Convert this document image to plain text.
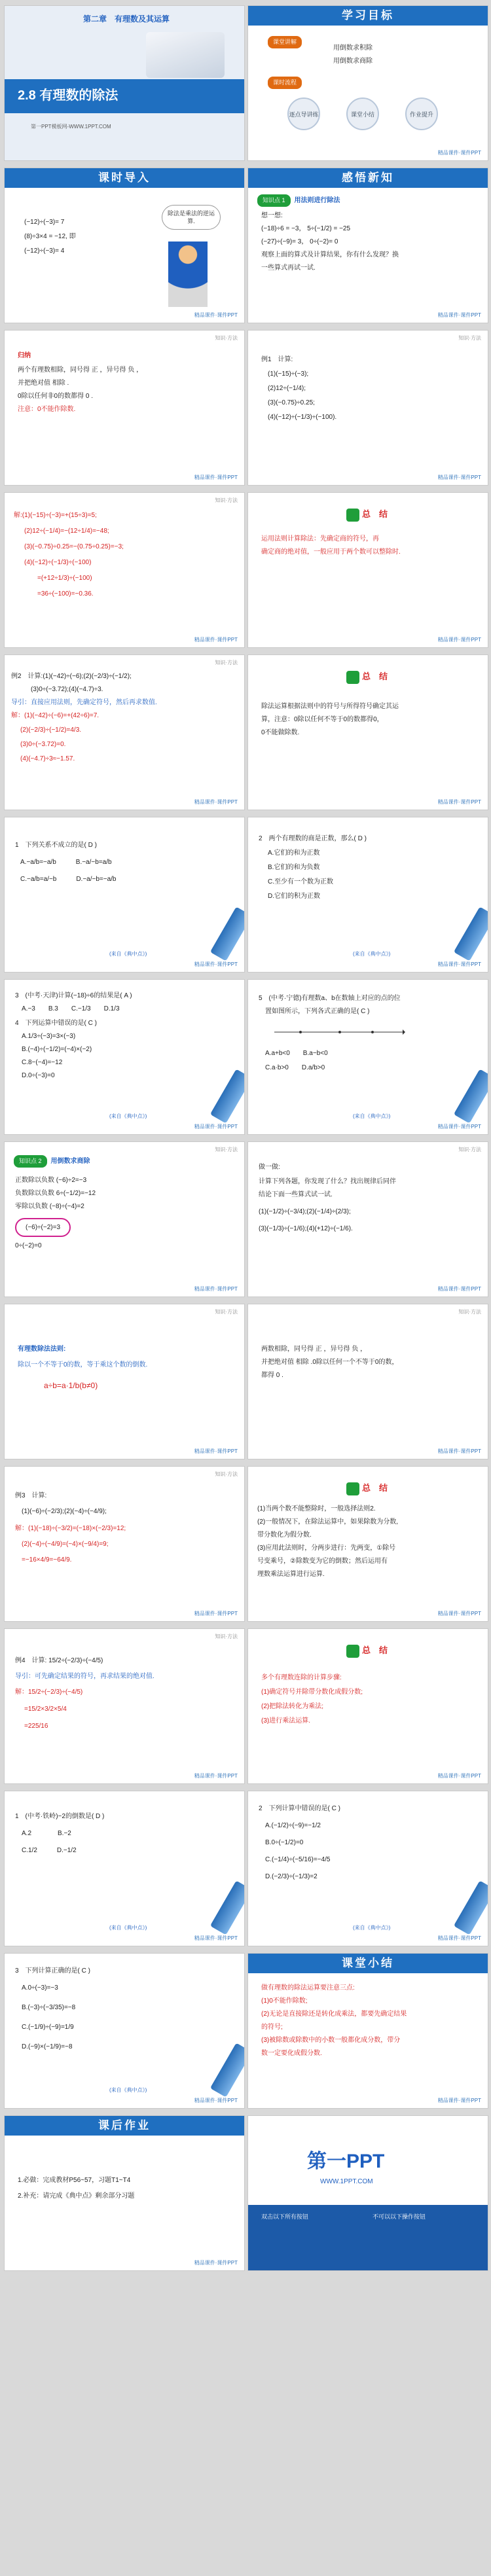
第二章　有理数及其运算
2.8 有理数的除法
第一PPT模板网-WWW.1PPT.COM
学习目标
课堂讲解
用倒数求积除
用倒数求商除
课时流程
逐点导讲练	课堂小结	作业提升
精品课件·课件PPT
课时导入
(−12)÷(−3)= 7
(8)÷3×4 = −12, 即
(−12)÷(−3)= 4
除法是乘法的逆运算.
精品课件·课件PPT
感悟新知
知识点 1 用法则进行除法
想一想:
(−18)÷6 = −3， 5÷(−1/2) = −25
(−27)÷(−9)= 3， 0÷(−2)= 0
观察上面的算式及计算结果，你有什么发现？换
一些算式再试一试.
精品课件·课件PPT
知识·方法
归纳
两个有理数相除，同号得 正 ，异号得 负 ，
并把绝对值 相除 .
0除以任何非0的数都得 0 .
注意：0不能作除数.
精品课件·课件PPT
知识·方法
例1　计算:
(1)(−15)÷(−3);
(2)12÷(−1/4);
(3)(−0.75)÷0.25;
(4)(−12)÷(−1/3)÷(−100).
精品课件·课件PPT
知识·方法
解:(1)(−15)÷(−3)=+(15÷3)=5;
(2)12÷(−1/4)=−(12÷1/4)=−48;
(3)(−0.75)÷0.25=−(0.75÷0.25)=−3;
(4)(−12)÷(−1/3)÷(−100)
=(+12÷1/3)÷(−100)
=36÷(−100)=−0.36.
精品课件·课件PPT
总　结
运用法则计算除法：先确定商的符号，再
确定商的绝对值，一般应用于两个数可以整除时.
精品课件·课件PPT
知识·方法
例2　计算:(1)(−42)÷(−6);(2)(−2/3)÷(−1/2);
　　　(3)0÷(−3.72);(4)(−4.7)÷3.
导引：直接应用法则，先确定符号，然后再求数值.
解：(1)(−42)÷(−6)=+(42÷6)=7.
(2)(−2/3)÷(−1/2)=4/3.
(3)0÷(−3.72)=0.
(4)(−4.7)÷3≈−1.57.
精品课件·课件PPT
总　结
除法运算根据法则中的符号与所得符号确定其运
算，注意：0除以任何不等于0的数都得0，
0不能做除数.
精品课件·课件PPT
1　下列关系不成立的是( D )
A.−a/b=−a/b　　　B.−a/−b=a/b
C.−a/b=a/−b　　　D.−a/−b=−a/b
(来自《典中点》)
精品课件·课件PPT
2　两个有理数的商是正数，那么( D )
A.它们的和为正数
B.它们的和为负数
C.至少有一个数为正数
D.它们的积为正数
(来自《典中点》)
精品课件·课件PPT
3　(中考·天津)计算(−18)÷6的结果是( A )
A.−3　　B.3　　C.−1/3　　D.1/3
4　下列运算中错误的是( C )
A.1/3÷(−3)=3×(−3)
B.(−4)÷(−1/2)=(−4)×(−2)
C.8−(−4)=−12
D.0÷(−3)=0
(来自《典中点》)
精品课件·课件PPT
5　(中考·宁德)有理数a、b在数轴上对应的点的位
置如图所示，下列各式正确的是( C )
A.a+b<0　　B.a−b<0
C.a·b>0　　D.a/b>0
(来自《典中点》)
精品课件·课件PPT
知识·方法
知识点 2 用倒数求商除
正数除以负数 (−6)÷2=−3
负数除以负数 6÷(−1/2)=−12
零除以负数 (−8)÷(−4)=2
(−6)÷(−2)=3
0÷(−2)=0
精品课件·课件PPT
知识·方法
做一做:
计算下列各题，你发现了什么？找出规律后同伴
结论下面一些算式试一试.
(1)(−1/2)÷(−3/4);(2)(−1/4)÷(2/3);
(3)(−1/3)÷(−1/6);(4)(+12)÷(−1/6).
精品课件·课件PPT
知识·方法
有理数除法法则:
除以一个不等于0的数，等于乘这个数的倒数.
a÷b=a·1/b(b≠0)
精品课件·课件PPT
知识·方法
两数相除，同号得 正 ，异号得 负 ，
并把绝对值 相除 .0除以任何一个不等于0的数，
都得 0 .
精品课件·课件PPT
知识·方法
例3　计算:
(1)(−6)÷(−2/3);(2)(−4)÷(−4/9);
解：(1)(−18)÷(−3/2)=(−18)×(−2/3)=12;
(2)(−4)÷(−4/9)=(−4)×(−9/4)=9;
=−16×4/9=−64/9.
精品课件·课件PPT
总　结
(1)当两个数不能整除时，一般选择法则2.
(2)一般情况下，在除法运算中，如果除数为分数,
带分数化为假分数.
(3)应用此法则时，分两步进行：先两变，①除号
号变乘号，②除数变为它的倒数；然后运用有
理数乘法运算进行运算.
精品课件·课件PPT
知识·方法
例4　计算: 15/2÷(−2/3)÷(−4/5)
导引：可先确定结果的符号，再求结果的绝对值.
解：15/2÷(−2/3)÷(−4/5)
=15/2×3/2×5/4
=225/16
精品课件·课件PPT
总　结
多个有理数连除的计算步骤:
(1)确定符号并除带分数化成假分数;
(2)把除法转化为乘法;
(3)进行乘法运算.
精品课件·课件PPT
1　(中考·铁岭)−2的倒数是( D )
A.2　　　　B.−2
C.1/2　　　D.−1/2
(来自《典中点》)
精品课件·课件PPT
2　下列计算中错误的是( C )
A.(−1/2)÷(−9)=−1/2
B.0÷(−1/2)=0
C.(−1/4)÷(−5/16)=−4/5
D.(−2/3)÷(−1/3)=2
(来自《典中点》)
精品课件·课件PPT
3　下列计算正确的是( C )
A.0÷(−3)=−3
B.(−3)÷(−3/35)=−8
C.(−1/9)÷(−9)=1/9
D.(−9)×(−1/9)=−8
(来自《典中点》)
精品课件·课件PPT
课堂小结
做有理数的除法运算要注意三点:
(1)0不能作除数;
(2)无论是直接除还是转化成乘法，都要先确定结果
的符号;
(3)被除数或除数中的小数一般都化成分数，带分
数一定要化成假分数.
精品课件·课件PPT
课后作业
1.必做：完成教材P56~57，习题T1~T4
2.补充：请完成《典中点》剩余部分习题
精品课件·课件PPT
第一PPT
WWW.1PPT.COM
双击以下所有按钮	不可以以下操作按钮
